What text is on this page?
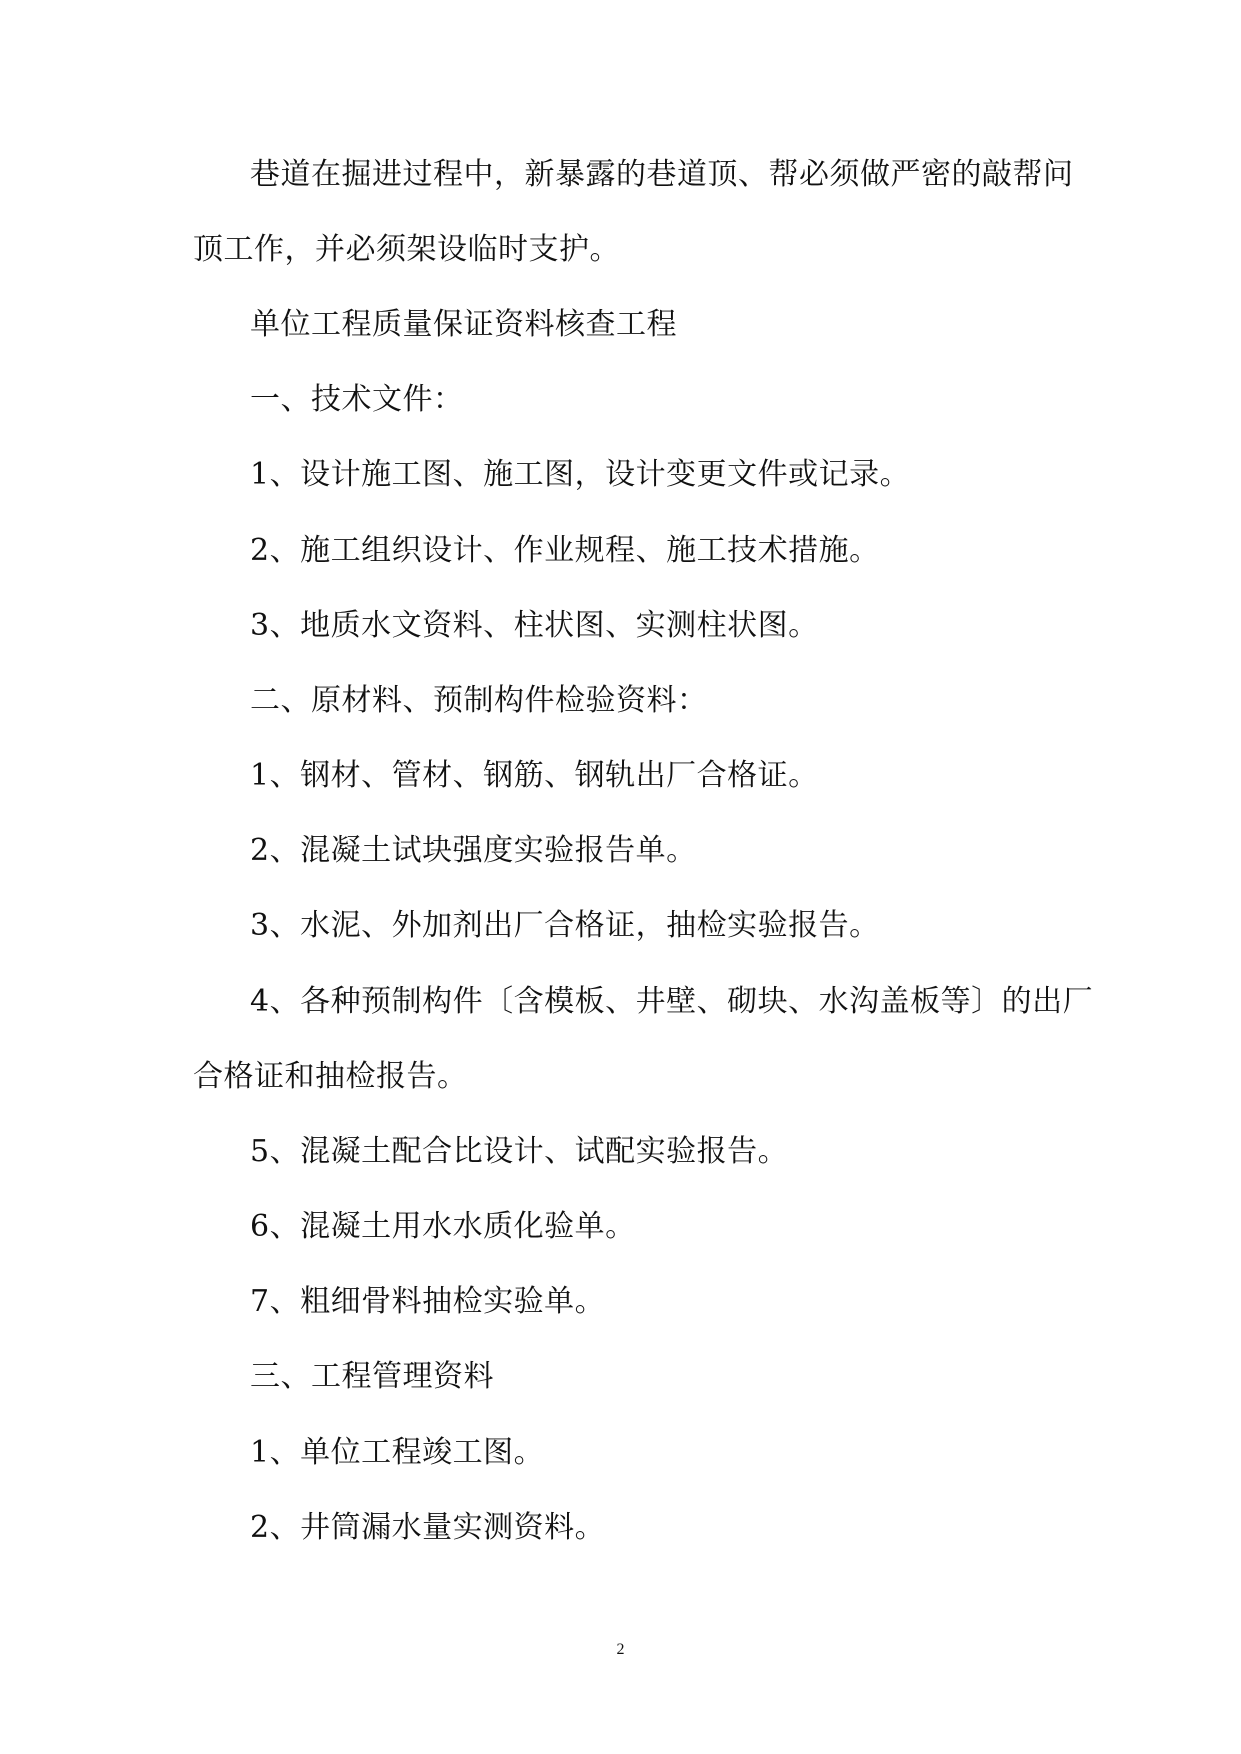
巷道在掘进过程中，新暴露的巷道顶、帮必须做严密的敲帮问
顶工作，并必须架设临时支护。
单位工程质量保证资料核查工程
一、技术文件：
1、设计施工图、施工图，设计变更文件或记录。
2、施工组织设计、作业规程、施工技术措施。
3、地质水文资料、柱状图、实测柱状图。
二、原材料、预制构件检验资料：
1、钢材、管材、钢筋、钢轨出厂合格证。
2、混凝土试块强度实验报告单。
3、水泥、外加剂出厂合格证，抽检实验报告。
4、各种预制构件〔含模板、井壁、砌块、水沟盖板等〕的出厂
合格证和抽检报告。
5、混凝土配合比设计、试配实验报告。
6、混凝土用水水质化验单。
7、粗细骨料抽检实验单。
三、工程管理资料
1、单位工程竣工图。
2、井筒漏水量实测资料。
2
